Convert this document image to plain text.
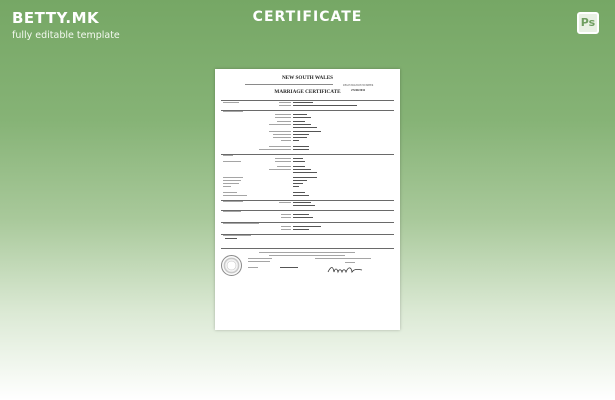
BETTY.MK
fully editable template
CERTIFICATE	Ps
NEW SOUTH WALES
REGISTRATION NUMBER
27240/2011
MARRIAGE CERTIFICATE
